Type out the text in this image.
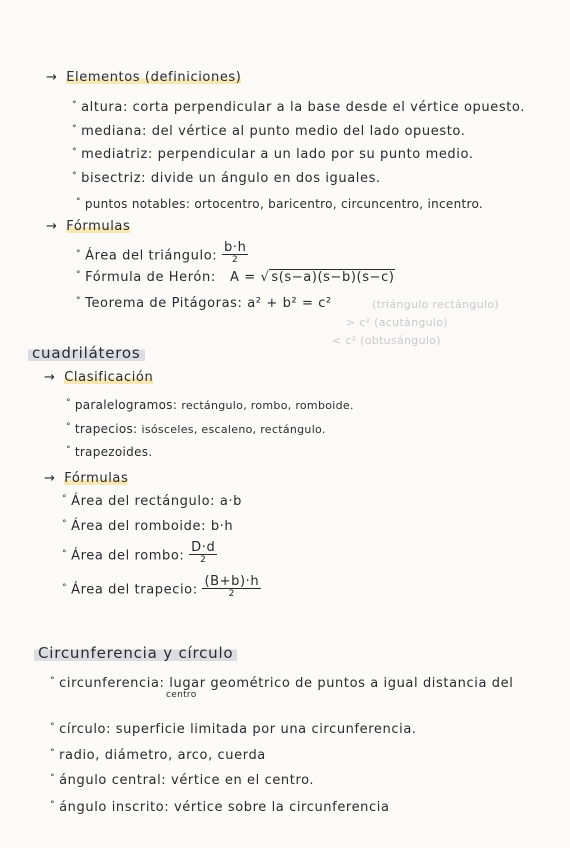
→ Elementos (definiciones)
° altura: corta perpendicular a la base desde el vértice opuesto.
° mediana: del vértice al punto medio del lado opuesto.
° mediatriz: perpendicular a un lado por su punto medio.
° bisectriz: divide un ángulo en dos iguales.
° puntos notables: ortocentro, baricentro, circuncentro, incentro.
→ Fórmulas
° Área del triángulo: $\frac{b\cdot h}{2}$
° Fórmula de Herón: A = √ s(s−a)(s−b)(s−c)
° Teorema de Pitágoras: a² + b² = c²	(triángulo rectángulo)
> c² (acutángulo)
< c² (obtusángulo)
cuadriláteros
→ Clasificación
° paralelogramos: rectángulo, rombo, romboide.
° trapecios: isósceles, escaleno, rectángulo.
° trapezoides.
→ Fórmulas
° Área del rectángulo: a·b
° Área del romboide: b·h
° Área del rombo: $\frac{D\cdot d}{2}$
° Área del trapecio: $\frac{(B+b)\cdot h}{2}$
Circunferencia y círculo
° circunferencia: lugar geométrico de puntos a igual distancia del
centro
° círculo: superficie limitada por una circunferencia.
° radio, diámetro, arco, cuerda
° ángulo central: vértice en el centro.
° ángulo inscrito: vértice sobre la circunferencia
